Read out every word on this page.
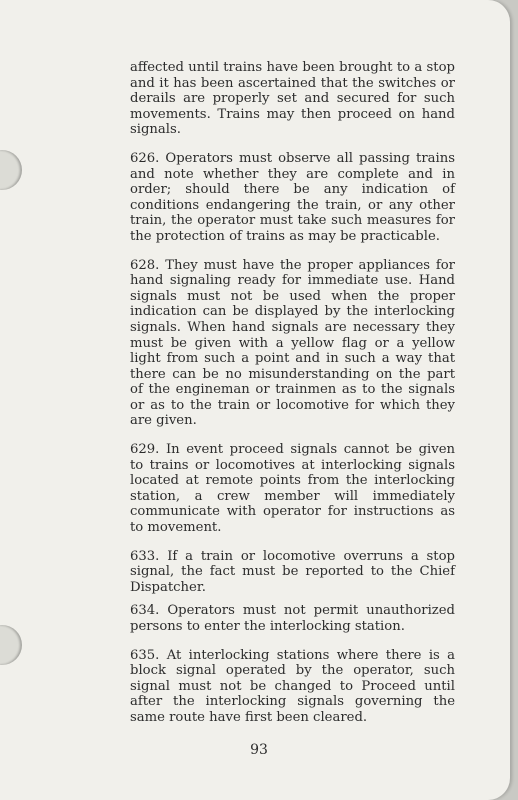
affected until trains have been brought to a stop and it has been ascertained that the switches or derails are properly set and secured for such movements. Trains may then proceed on hand signals.

626. Operators must observe all passing trains and note whether they are complete and in order; should there be any indication of conditions endangering the train, or any other train, the operator must take such measures for the protection of trains as may be practicable.

628. They must have the proper appliances for hand signaling ready for immediate use. Hand signals must not be used when the proper indication can be displayed by the interlocking signals. When hand signals are necessary they must be given with a yellow flag or a yellow light from such a point and in such a way that there can be no misunderstanding on the part of the engineman or trainmen as to the signals or as to the train or locomotive for which they are given.

629. In event proceed signals cannot be given to trains or locomotives at interlocking signals located at remote points from the interlocking station, a crew member will immediately communicate with operator for instructions as to movement.

633. If a train or locomotive overruns a stop signal, the fact must be reported to the Chief Dispatcher.

634. Operators must not permit unauthorized persons to enter the interlocking station.

635. At interlocking stations where there is a block signal operated by the operator, such signal must not be changed to Proceed until after the interlocking signals governing the same route have first been cleared.

93
